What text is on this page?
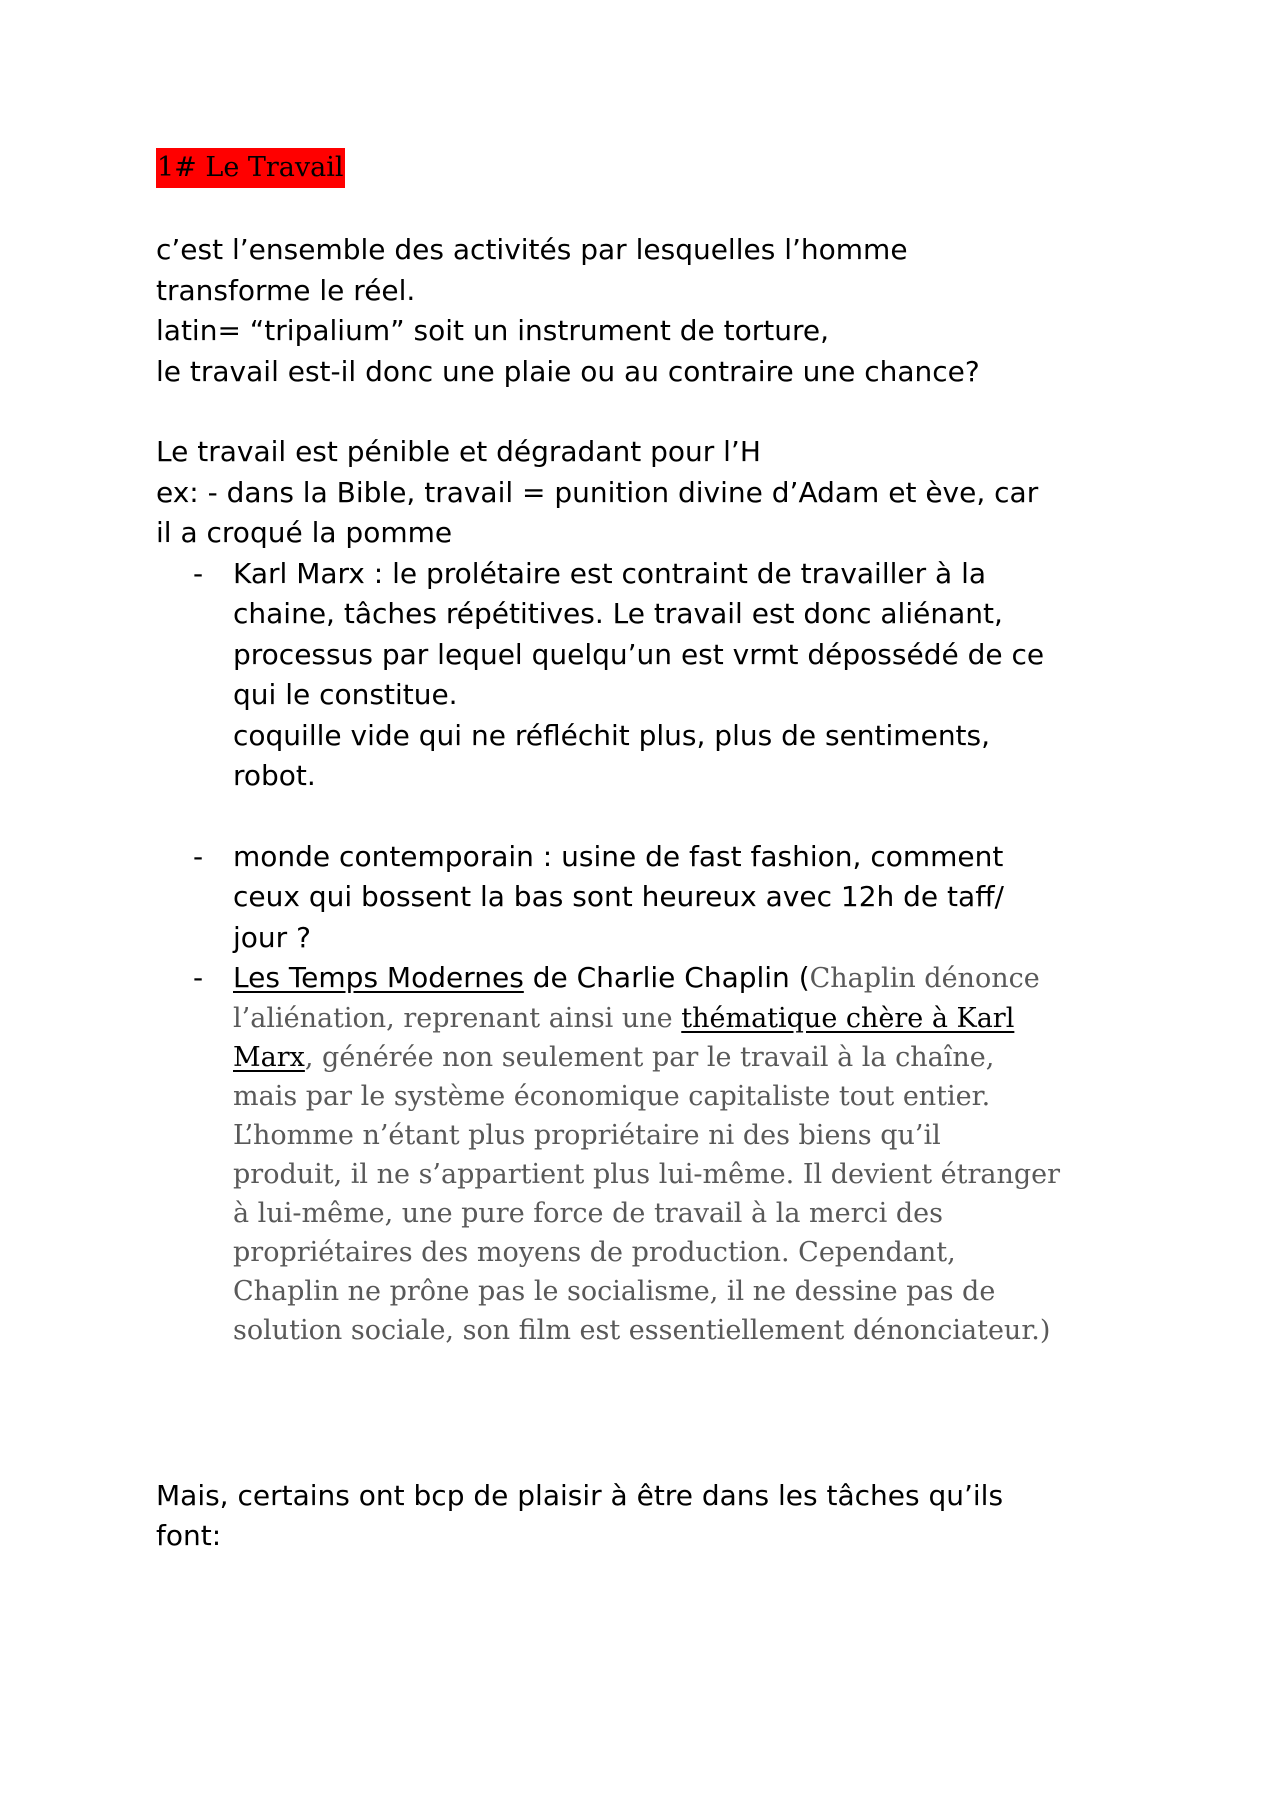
1# Le Travail
c’est l’ensemble des activités par lesquelles l’homme
transforme le réel.
latin= “tripalium” soit un instrument de torture,
le travail est-il donc une plaie ou au contraire une chance?
Le travail est pénible et dégradant pour l’H
ex: - dans la Bible, travail = punition divine d’Adam et ève, car
il a croqué la pomme
- Karl Marx : le prolétaire est contraint de travailler à la
chaine, tâches répétitives. Le travail est donc aliénant,
processus par lequel quelqu’un est vrmt dépossédé de ce
qui le constitue.
coquille vide qui ne réfléchit plus, plus de sentiments,
robot.
- monde contemporain : usine de fast fashion, comment
ceux qui bossent la bas sont heureux avec 12h de taff/
jour ?
- Les Temps Modernes de Charlie Chaplin (Chaplin dénonce
l’aliénation, reprenant ainsi une thématique chère à Karl
Marx, générée non seulement par le travail à la chaîne,
mais par le système économique capitaliste tout entier.
L’homme n’étant plus propriétaire ni des biens qu’il
produit, il ne s’appartient plus lui-même. Il devient étranger
à lui-même, une pure force de travail à la merci des
propriétaires des moyens de production. Cependant,
Chaplin ne prône pas le socialisme, il ne dessine pas de
solution sociale, son film est essentiellement dénonciateur.)
Mais, certains ont bcp de plaisir à être dans les tâches qu’ils
font:
